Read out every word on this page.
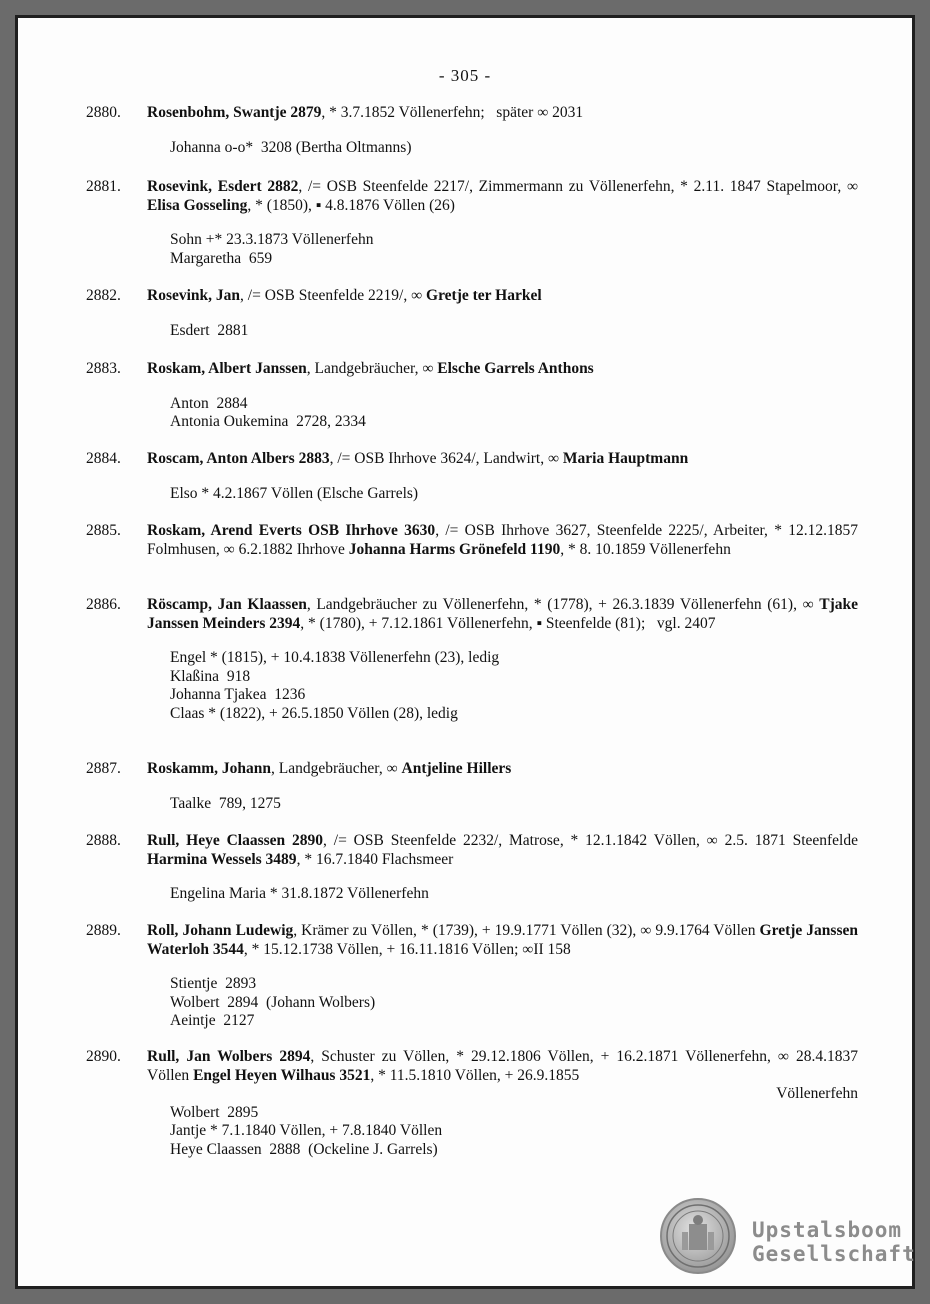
- 305 -
2880.	Rosenbohm, Swantje 2879, * 3.7.1852 Völlenerfehn;   später ∞ 2031
Johanna o-o*  3208 (Bertha Oltmanns)
2881.	Rosevink, Esdert 2882, /= OSB Steenfelde 2217/, Zimmermann zu Völlenerfehn, * 2.11. 1847 Stapelmoor, ∞ Elisa Gosseling, * (1850), ▪ 4.8.1876 Völlen (26)
Sohn +* 23.3.1873 Völlenerfehn
Margaretha  659
2882.	Rosevink, Jan, /= OSB Steenfelde 2219/, ∞ Gretje ter Harkel
Esdert  2881
2883.	Roskam, Albert Janssen, Landgebräucher, ∞ Elsche Garrels Anthons
Anton  2884
Antonia Oukemina  2728, 2334
2884.	Roscam, Anton Albers 2883, /= OSB Ihrhove 3624/, Landwirt, ∞ Maria Hauptmann
Elso * 4.2.1867 Völlen (Elsche Garrels)
2885.	Roskam, Arend Everts OSB Ihrhove 3630, /= OSB Ihrhove 3627, Steenfelde 2225/, Arbeiter, * 12.12.1857 Folmhusen, ∞ 6.2.1882 Ihrhove Johanna Harms Grönefeld 1190, * 8. 10.1859 Völlenerfehn
2886.	Röscamp, Jan Klaassen, Landgebräucher zu Völlenerfehn, * (1778), + 26.3.1839 Völlenerfehn (61), ∞ Tjake Janssen Meinders 2394, * (1780), + 7.12.1861 Völlenerfehn, ▪ Steenfelde (81);   vgl. 2407
Engel * (1815), + 10.4.1838 Völlenerfehn (23), ledig
Klaßina  918
Johanna Tjakea  1236
Claas * (1822), + 26.5.1850 Völlen (28), ledig
2887.	Roskamm, Johann, Landgebräucher, ∞ Antjeline Hillers
Taalke  789, 1275
2888.	Rull, Heye Claassen 2890, /= OSB Steenfelde 2232/, Matrose, * 12.1.1842 Völlen, ∞ 2.5. 1871 Steenfelde Harmina Wessels 3489, * 16.7.1840 Flachsmeer
Engelina Maria * 31.8.1872 Völlenerfehn
2889.	Roll, Johann Ludewig, Krämer zu Völlen, * (1739), + 19.9.1771 Völlen (32), ∞ 9.9.1764 Völlen Gretje Janssen Waterloh 3544, * 15.12.1738 Völlen, + 16.11.1816 Völlen; ∞II 158
Stientje  2893
Wolbert  2894  (Johann Wolbers)
Aeintje  2127
2890.	Rull, Jan Wolbers 2894, Schuster zu Völlen, * 29.12.1806 Völlen, + 16.2.1871 Völlenerfehn, ∞ 28.4.1837 Völlen Engel Heyen Wilhaus 3521, * 11.5.1810 Völlen, + 26.9.1855
Völlenerfehn
Wolbert  2895
Jantje * 7.1.1840 Völlen, + 7.8.1840 Völlen
Heye Claassen  2888  (Ockeline J. Garrels)
Upstalsboom
Gesellschaft
